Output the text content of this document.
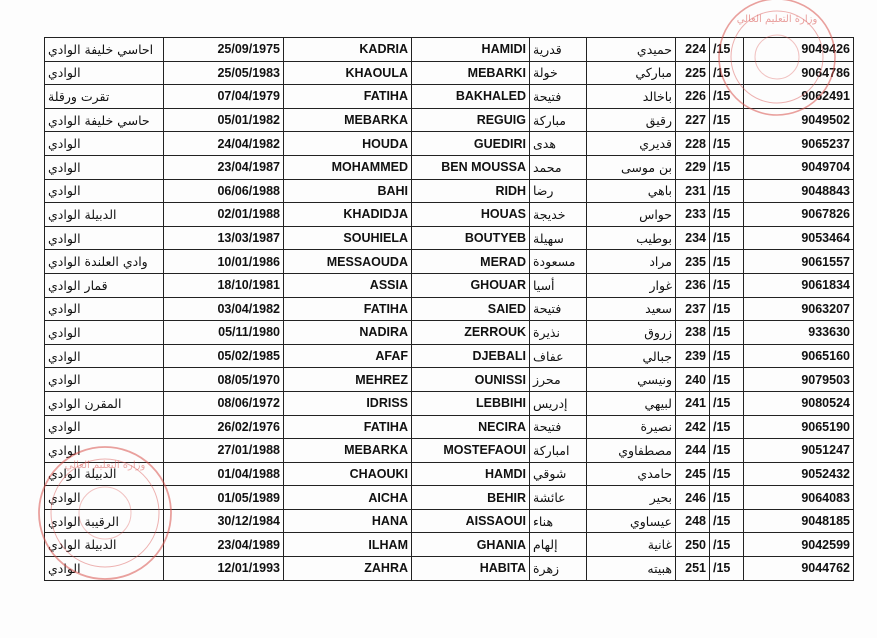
احاسي خليفة الوادي	25/09/1975	KADRIA	HAMIDI	قدرية	حميدي	224	/15	9049426
الوادي	25/05/1983	KHAOULA	MEBARKI	خولة	مباركي	225	/15	9064786
تقرت ورقلة	07/04/1979	FATIHA	BAKHALED	فتيحة	باخالد	226	/15	9062491
حاسي خليفة الوادي	05/01/1982	MEBARKA	REGUIG	مباركة	رقيق	227	/15	9049502
الوادي	24/04/1982	HOUDA	GUEDIRI	هدى	قديري	228	/15	9065237
الوادي	23/04/1987	MOHAMMED	BEN MOUSSA	محمد	بن موسى	229	/15	9049704
الوادي	06/06/1988	BAHI	RIDH	رضا	باهي	231	/15	9048843
الدبيلة الوادي	02/01/1988	KHADIDJA	HOUAS	خديجة	حواس	233	/15	9067826
الوادي	13/03/1987	SOUHIELA	BOUTYEB	سهيلة	بوطيب	234	/15	9053464
وادي العلندة الوادي	10/01/1986	MESSAOUDA	MERAD	مسعودة	مراد	235	/15	9061557
قمار الوادي	18/10/1981	ASSIA	GHOUAR	أسيا	غوار	236	/15	9061834
الوادي	03/04/1982	FATIHA	SAIED	فتيحة	سعيد	237	/15	9063207
الوادي	05/11/1980	NADIRA	ZERROUK	نذيرة	زروق	238	/15	933630
الوادي	05/02/1985	AFAF	DJEBALI	عفاف	جبالي	239	/15	9065160
الوادي	08/05/1970	MEHREZ	OUNISSI	محرز	ونيسي	240	/15	9079503
المقرن الوادي	08/06/1972	IDRISS	LEBBIHI	إدريس	لبيهي	241	/15	9080524
الوادي	26/02/1976	FATIHA	NECIRA	فتيحة	نصيرة	242	/15	9065190
الوادي	27/01/1988	MEBARKA	MOSTEFAOUI	امباركة	مصطفاوي	244	/15	9051247
الدبيلة الوادي	01/04/1988	CHAOUKI	HAMDI	شوقي	حامدي	245	/15	9052432
الوادي	01/05/1989	AICHA	BEHIR	عائشة	بحير	246	/15	9064083
الرقيبة الوادي	30/12/1984	HANA	AISSAOUI	هناء	عيساوي	248	/15	9048185
الدبيلة الوادي	23/04/1989	ILHAM	GHANIA	إلهام	غانية	250	/15	9042599
الوادي	12/01/1993	ZAHRA	HABITA	زهرة	هبيته	251	/15	9044762
وزارة التعليم العالي
وزارة التعليم العالي
